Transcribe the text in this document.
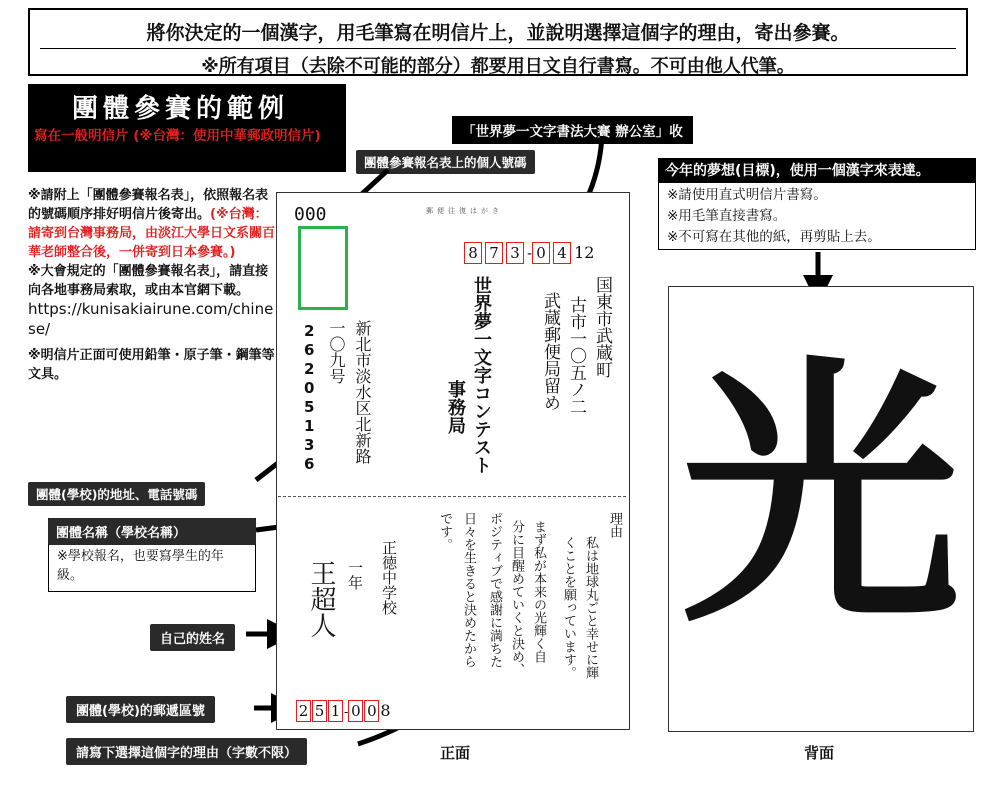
將你決定的一個漢字，用毛筆寫在明信片上，並說明選擇這個字的理由，寄出參賽。
※所有項目（去除不可能的部分）都要用日文自行書寫。不可由他人代筆。
團體參賽的範例
寫在一般明信片 (※台灣：使用中華郵政明信片)	「世界夢一文字書法大賽 辦公室」收
團體參賽報名表上的個人號碼
※請附上「團體參賽報名表」，依照報名表的號碼順序排好明信片後寄出。(※台灣：請寄到台灣事務局，由淡江大學日文系關百華老師整合後，一併寄到日本參賽。)
※大會規定的「團體參賽報名表」，請直接向各地事務局索取，或由本官網下載。
https://kunisakiairune.com/chinese/
※明信片正面可使用鉛筆・原子筆・鋼筆等文具。
團體(學校)的地址、電話號碼
團體名稱（學校名稱）
※學校報名，也要寫學生的年級。
自己的姓名
團體(學校)的郵遞區號
請寫下選擇這個字的理由（字數不限）
000	郵便往復はがき
8 7 3 - 0 4 12
国東市武蔵町
古市一〇五ノ二
武蔵郵便局留め
世界夢一文字コンテスト
事務局
新北市淡水区北新路
一〇九号
26205136
正徳中学校
一年
王超人
2 5 1 - 0 0 8
理由
私は地球丸ごと幸せに輝
くことを願っています。
まず私が本来の光輝く自
分に目醒めていくと決め、
ポジティブで感謝に満ちた
日々を生きると決めたから
です。
正面
今年的夢想(目標)，使用一個漢字來表達。
※請使用直式明信片書寫。
※用毛筆直接書寫。
※不可寫在其他的紙，再剪貼上去。
光
背面
